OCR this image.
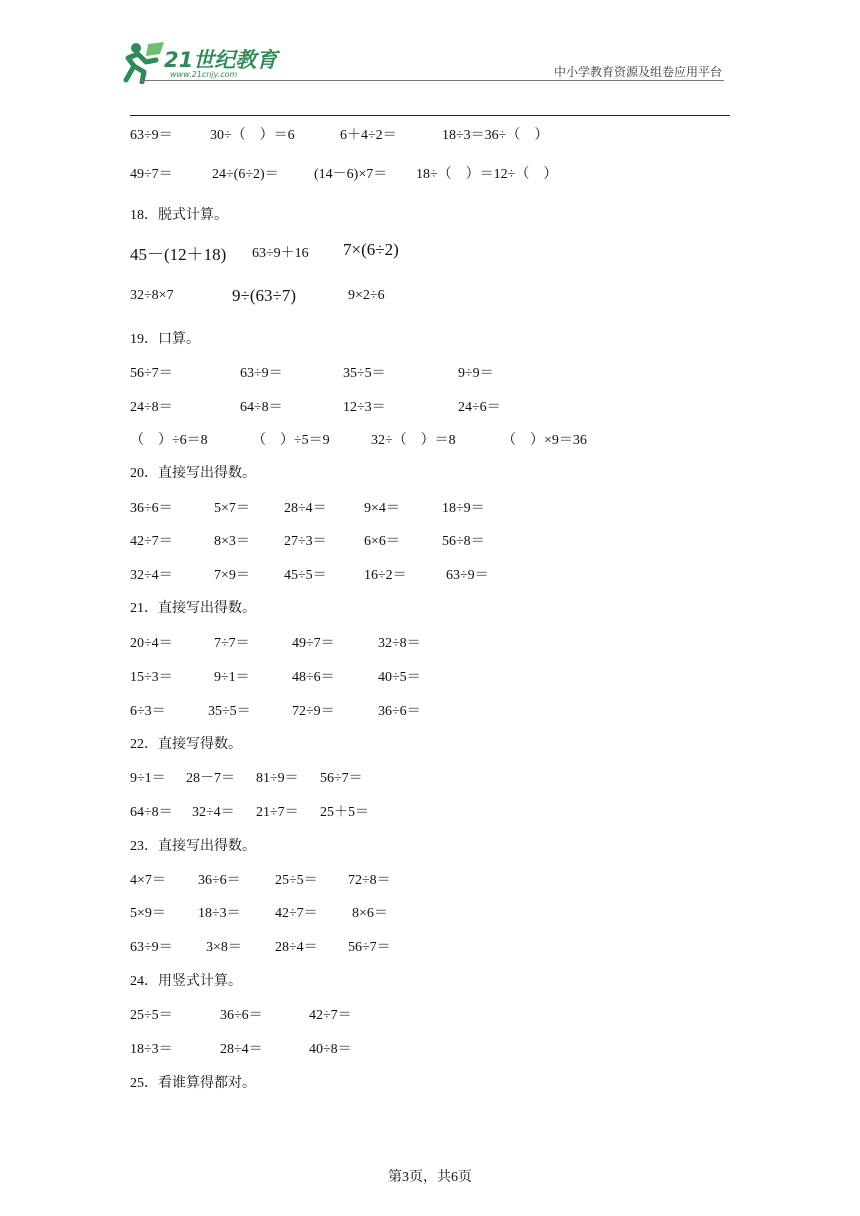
21世纪教育
www.21cnjy.com	中小学教育资源及组卷应用平台
63÷9＝	30÷（　）＝6	6＋4÷2＝	18÷3＝36÷（　）
49÷7＝	24÷(6÷2)＝	(14－6)×7＝ 18÷（　）＝12÷（　）
18．脱式计算。
45－(12＋18) 63÷9＋16 7×(6÷2)
32÷8×7	9÷(63÷7)	9×2÷6
19．口算。
56÷7＝	63÷9＝	35÷5＝	9÷9＝
24÷8＝	64÷8＝	12÷3＝	24÷6＝
（　）÷6＝8	（　）÷5＝9	32÷（　）＝8	（　）×9＝36
20．直接写出得数。
36÷6＝	5×7＝ 28÷4＝	9×4＝	18÷9＝
42÷7＝	8×3＝ 27÷3＝	6×6＝	56÷8＝
32÷4＝	7×9＝ 45÷5＝	16÷2＝	63÷9＝
21．直接写出得数。
20÷4＝	7÷7＝	49÷7＝	32÷8＝
15÷3＝	9÷1＝	48÷6＝	40÷5＝
6÷3＝	35÷5＝	72÷9＝	36÷6＝
22．直接写得数。
9÷1＝ 28－7＝ 81÷9＝ 56÷7＝
64÷8＝ 32÷4＝ 21÷7＝ 25＋5＝
23．直接写出得数。
4×7＝ 36÷6＝ 25÷5＝ 72÷8＝
5×9＝ 18÷3＝ 42÷7＝ 8×6＝
63÷9＝ 3×8＝ 28÷4＝ 56÷7＝
24．用竖式计算。
25÷5＝	36÷6＝	42÷7＝
18÷3＝	28÷4＝	40÷8＝
25．看谁算得都对。
第3页，共6页
